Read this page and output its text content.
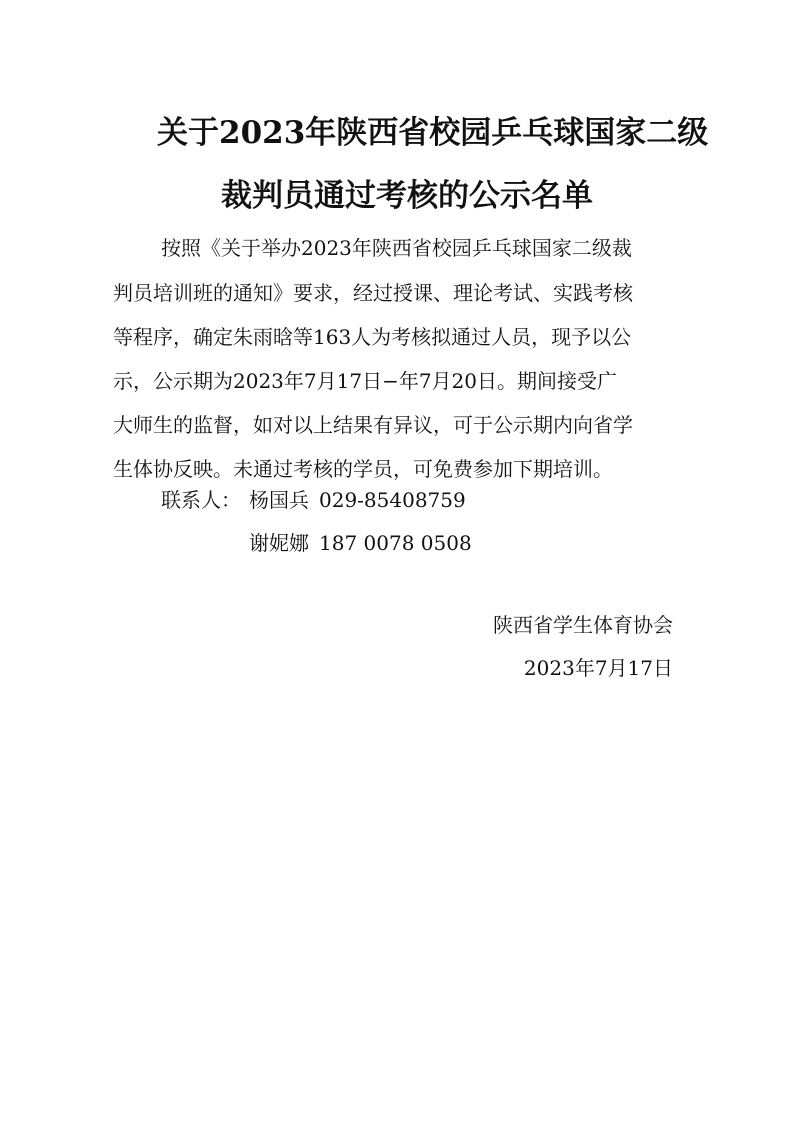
关于2023年陕西省校园乒乓球国家二级
裁判员通过考核的公示名单
按照《关于举办2023年陕西省校园乒乓球国家二级裁
判员培训班的通知》要求，经过授课、理论考试、实践考核
等程序，确定朱雨晗等163人为考核拟通过人员，现予以公
示，公示期为2023年7月17日−年7月20日。期间接受广
大师生的监督，如对以上结果有异议，可于公示期内向省学
生体协反映。未通过考核的学员，可免费参加下期培训。
联系人： 杨国兵 029-85408759
谢妮娜 187 0078 0508
陕西省学生体育协会
2023年7月17日
